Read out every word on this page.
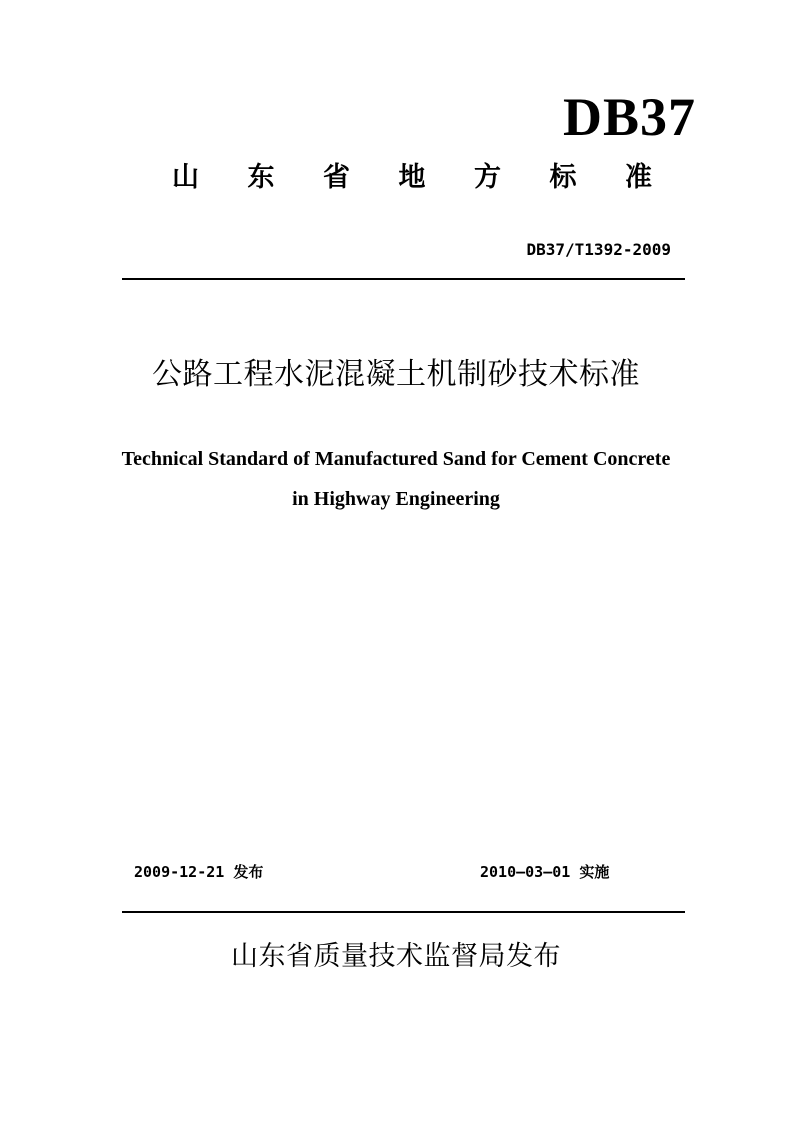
DB37
山 东 省 地 方 标 准
DB37/T1392-2009
公路工程水泥混凝土机制砂技术标准
Technical Standard of Manufactured Sand for Cement Concrete
in Highway Engineering
2009-12-21 发布	2010—03—01 实施
山东省质量技术监督局发布
